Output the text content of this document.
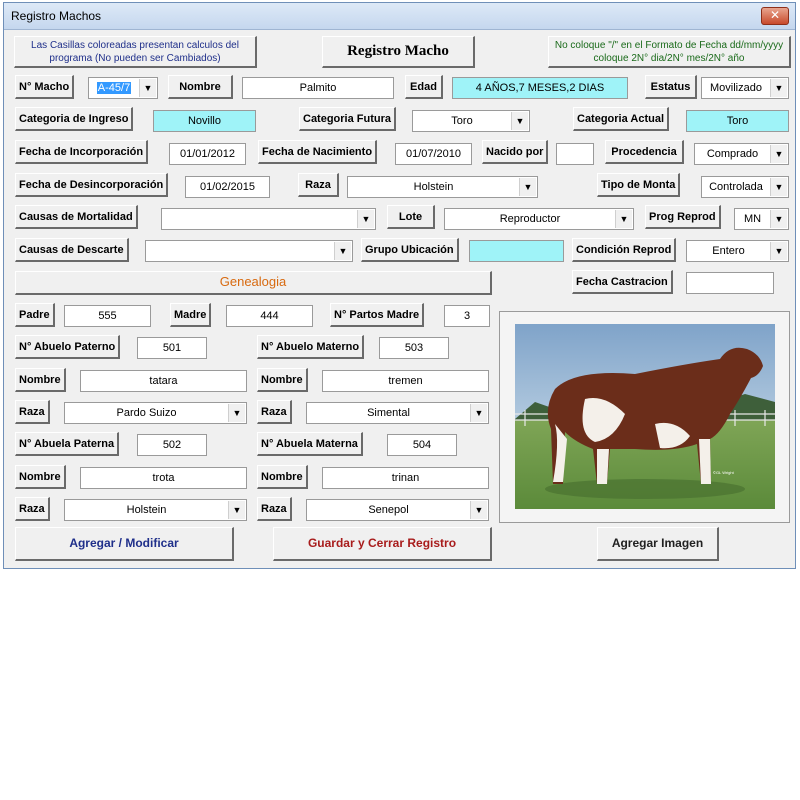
Registro Machos	✕
Las Casillas coloreadas presentan calculos del programa (No pueden ser Cambiados)	Registro Macho	No coloque "/" en el Formato de Fecha dd/mm/yyyy coloque 2N° dia/2N° mes/2N° año
N° Macho	A-45/7	▼	Nombre	Palmito	Edad	4 AÑOS,7 MESES,2 DIAS	Estatus	Movilizado	▼
Categoria de Ingreso	Novillo	Categoria Futura	Toro	▼	Categoria Actual	Toro
Fecha de Incorporación	01/01/2012	Fecha de Nacimiento	01/07/2010	Nacido por	Procedencia	Comprado	▼
Fecha de Desincorporación	01/02/2015	Raza	Holstein	▼	Tipo de Monta	Controlada	▼
Causas de Mortalidad	▼	Lote	Reproductor	▼	Prog Reprod	MN	▼
Causas de Descarte	▼	Grupo Ubicación	Condición Reprod	Entero	▼
Genealogia	Fecha Castracion
Padre	555	Madre	444	N° Partos Madre	3
N° Abuelo Paterno	501	N° Abuelo Materno	503
Nombre	tatara	Nombre	tremen
Raza	Pardo Suizo	▼	Raza	Simental	▼
N° Abuela Paterna	502	N° Abuela Materna	504
Nombre	trota	Nombre	trinan
Raza	Holstein	▼	Raza	Senepol	▼
©GL Wright
Agregar / Modificar	Guardar y Cerrar Registro	Agregar Imagen
